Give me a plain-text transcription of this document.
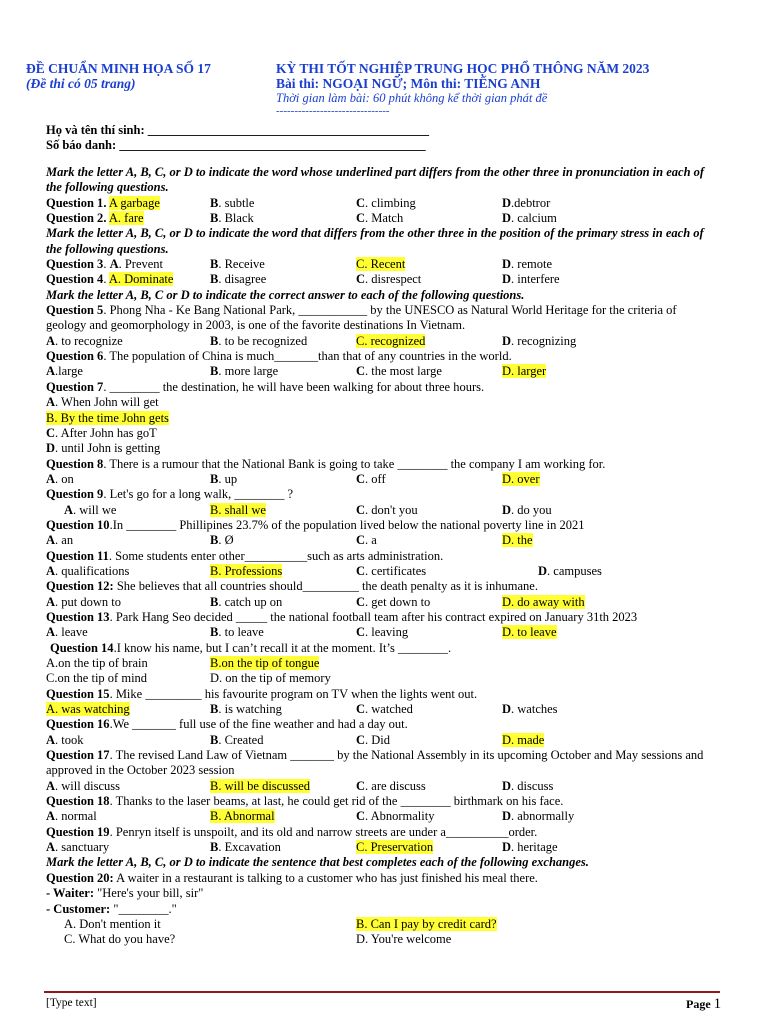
ĐỀ CHUẨN MINH HỌA SỐ 17
(Đề thi có 05 trang)
KỲ THI TỐT NGHIỆP TRUNG HỌC PHỔ THÔNG NĂM 2023
Bài thi: NGOẠI NGỮ; Môn thi: TIẾNG ANH
Thời gian làm bài: 60 phút không kể thời gian phát đề
-------------------------------
Họ và tên thí sinh: _____________________________________________
Số báo danh: _________________________________________________
Mark the letter A, B, C, or D to indicate the word whose underlined part differs from the other three in pronunciation in each of the following questions.
Question 1. A garbage	B. subtle	C. climbing	D.debtror
Question 2. A. fare	B. Black	C. Match	D. calcium
Mark the letter A, B, C, or D to indicate the word that differs from the other three in the position of the primary stress in each of the following questions.
Question 3. A. Prevent	B. Receive	C. Recent	D. remote
Question 4. A. Dominate	B. disagree	C. disrespect	D. interfere
Mark the letter A, B, C or D to indicate the correct answer to each of the following questions.
Question 5. Phong Nha - Ke Bang National Park, ___________ by the UNESCO as Natural World Heritage for the criteria of geology and geomorphology in 2003, is one of the favorite destinations In Vietnam.
A. to recognize	B. to be recognized	C. recognized	D. recognizing
Question 6. The population of China is much_______than that of any countries in the world.
A.large	B. more large	C. the most large	D. larger
Question 7. ________ the destination, he will have been walking for about three hours.
A. When John will get
B. By the time John gets
C. After John has goT
D. until John is getting
Question 8. There is a rumour that the National Bank is going to take ________ the company I am working for.
A. on	B. up	C. off	D. over
Question 9. Let's go for a long walk, ________ ?
A. will we	B. shall we	C. don't you	D. do you
Question 10.In ________ Phillipines 23.7% of the population lived below the national poverty line in 2021
A. an	B. Ø	C. a	D. the
Question 11. Some students enter other__________such as arts administration.
A. qualifications	B. Professions	C. certificates	D. campuses
Question 12: She believes that all countries should_________ the death penalty as it is inhumane.
A. put down to	B. catch up on	C. get down to	D. do away with
Question 13. Park Hang Seo decided _____ the national football team after his contract expired on January 31th 2023
A. leave	B. to leave	C. leaving	D. to leave
Question 14.I know his name, but I can’t recall it at the moment. It’s ________.
A.on the tip of brain	B.on the tip of tongue
C.on the tip of mind	D. on the tip of memory
Question 15. Mike _________ his favourite program on TV when the lights went out.
A. was watching	B. is watching	C. watched	D. watches
Question 16.We _______ full use of the fine weather and had a day out.
A. took	B. Created	C. Did	D. made
Question 17. The revised Land Law of Vietnam _______ by the National Assembly in its upcoming October and May sessions and approved in the October 2023 session
A. will discuss	B. will be discussed	C. are discuss	D. discuss
Question 18. Thanks to the laser beams, at last, he could get rid of the ________ birthmark on his face.
A. normal	B. Abnormal	C. Abnormality	D. abnormally
Question 19. Penryn itself is unspoilt, and its old and narrow streets are under a__________order.
A. sanctuary	B. Excavation	C. Preservation	D. heritage
Mark the letter A, B, C, or D to indicate the sentence that best completes each of the following exchanges.
Question 20: A waiter in a restaurant is talking to a customer who has just finished his meal there.
- Waiter: "Here's your bill, sir"
- Customer: "________."
A. Don't mention it	B. Can I pay by credit card?
C. What do you have?	D. You're welcome
[Type text]	Page 1
